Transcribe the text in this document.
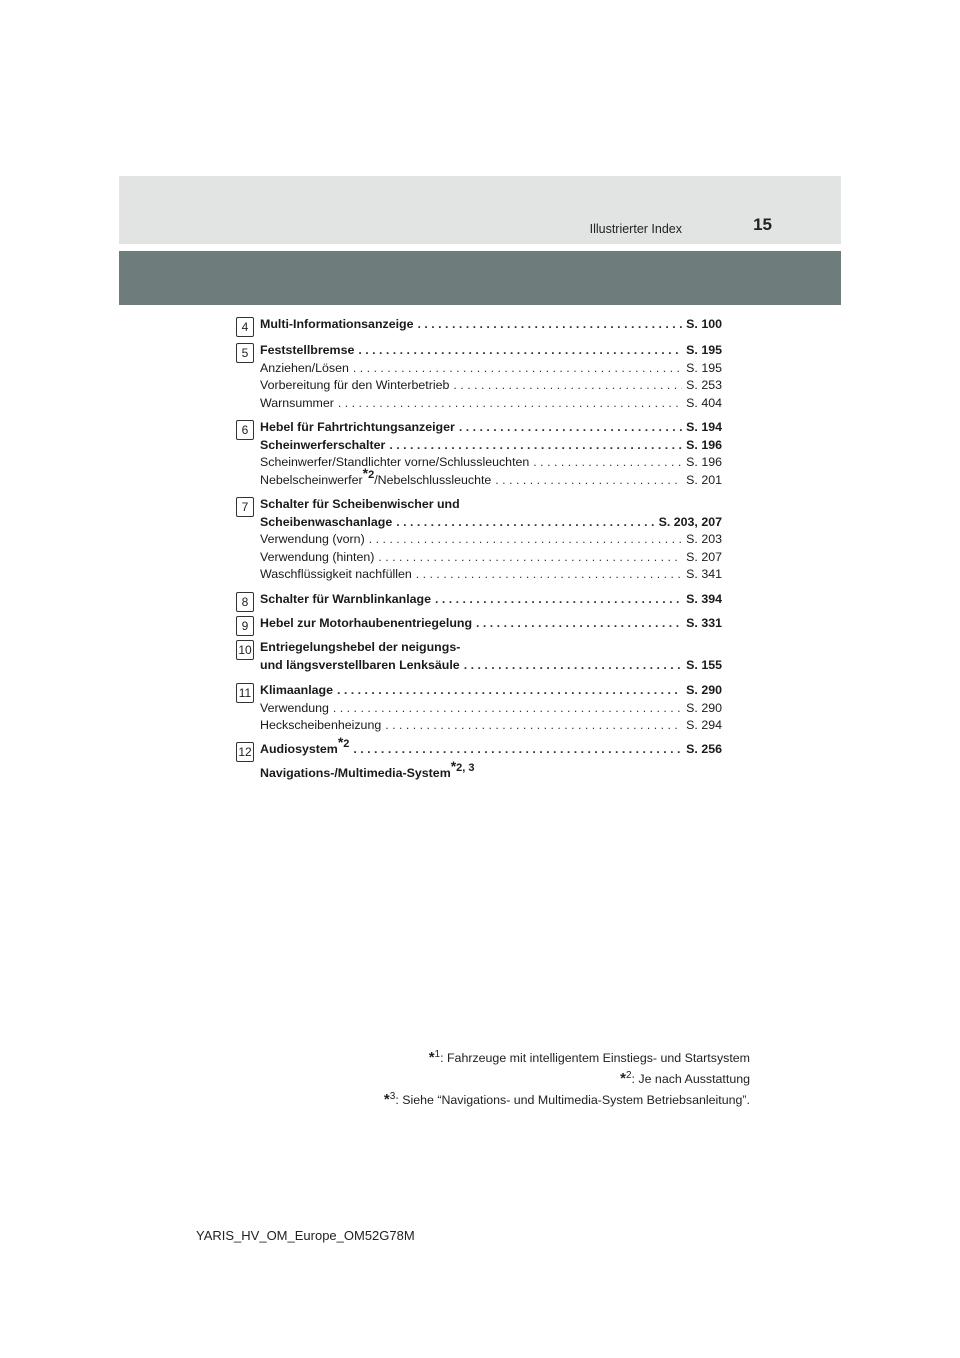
Illustrierter Index	15
4 Multi-Informationsanzeige . . .	S. 100
5 Feststellbremse . . .	S. 195
Anziehen/Lösen . . .	S. 195
Vorbereitung für den Winterbetrieb . . .	S. 253
Warnsummer . . .	S. 404
6 Hebel für Fahrtrichtungsanzeiger . . .	S. 194
Scheinwerferschalter . . .	S. 196
Scheinwerfer/Standlichter vorne/Schlussleuchten . . .	S. 196
Nebelscheinwerfer$^{*2}$/Nebelschlussleuchte . . .	S. 201
7 Schalter für Scheibenwischer und
Scheibenwaschanlage . . .	S. 203, 207
Verwendung (vorn) . . .	S. 203
Verwendung (hinten) . . .	S. 207
Waschflüssigkeit nachfüllen . . .	S. 341
8 Schalter für Warnblinkanlage . . .	S. 394
9 Hebel zur Motorhaubenentriegelung . . .	S. 331
10 Entriegelungshebel der neigungs-
und längsverstellbaren Lenksäule . . .	S. 155
11 Klimaanlage . . .	S. 290
Verwendung . . .	S. 290
Heckscheibenheizung . . .	S. 294
12 Audiosystem$^{*2}$ . . .	S. 256
Navigations-/Multimedia-System$^{*2, 3}$
*$^1$: Fahrzeuge mit intelligentem Einstiegs- und Startsystem
*$^2$: Je nach Ausstattung
*$^3$: Siehe “Navigations- und Multimedia-System Betriebsanleitung”.
YARIS_HV_OM_Europe_OM52G78M
